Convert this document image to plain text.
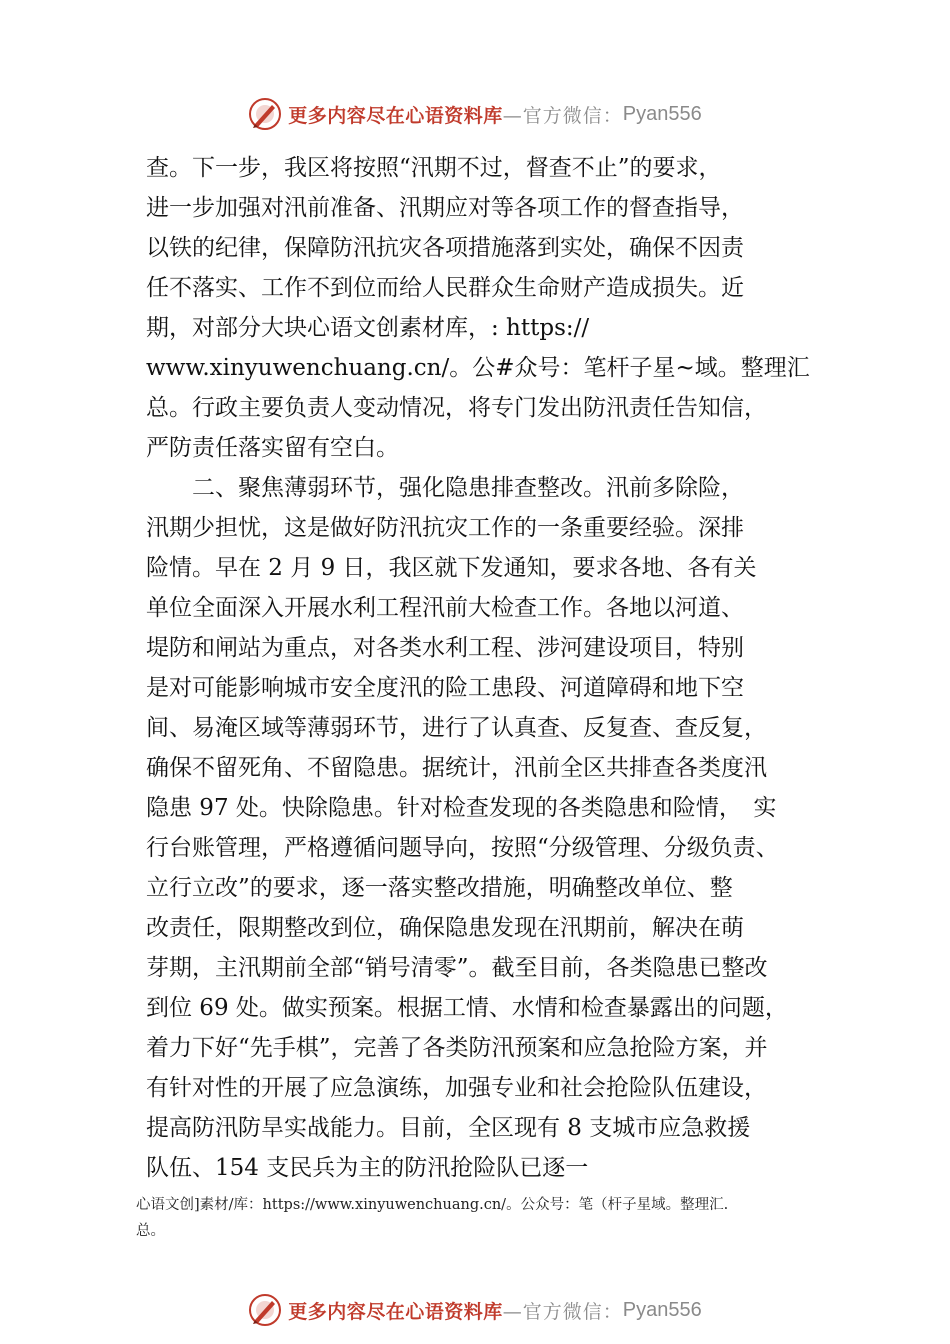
更多内容尽在心语资料库 —官方微信： Pyan556
查。下一步，我区将按照“汛期不过，督查不止”的要求，
进一步加强对汛前准备、汛期应对等各项工作的督查指导，
以铁的纪律，保障防汛抗灾各项措施落到实处，确保不因责
任不落实、工作不到位而给人民群众生命财产造成损失。近
期，对部分大块心语文创素材库，: https://
www.xinyuwenchuang.cn/。公#众号：笔杆子星~域。整理汇
总。行政主要负责人变动情况，将专门发出防汛责任告知信，
严防责任落实留有空白。
　　二、聚焦薄弱环节，强化隐患排查整改。汛前多除险，
汛期少担忧，这是做好防汛抗灾工作的一条重要经验。深排
险情。早在 2 月 9 日，我区就下发通知，要求各地、各有关
单位全面深入开展水利工程汛前大检查工作。各地以河道、
堤防和闸站为重点，对各类水利工程、涉河建设项目，特别
是对可能影响城市安全度汛的险工患段、河道障碍和地下空
间、易淹区域等薄弱环节，进行了认真查、反复查、查反复，
确保不留死角、不留隐患。据统计，汛前全区共排查各类度汛
隐患 97 处。快除隐患。针对检查发现的各类隐患和险情，　实
行台账管理，严格遵循问题导向，按照“分级管理、分级负责、
立行立改”的要求，逐一落实整改措施，明确整改单位、整
改责任，限期整改到位，确保隐患发现在汛期前，解决在萌
芽期，主汛期前全部“销号清零”。截至目前，各类隐患已整改
到位 69 处。做实预案。根据工情、水情和检查暴露出的问题，
着力下好“先手棋”，完善了各类防汛预案和应急抢险方案，并
有针对性的开展了应急演练，加强专业和社会抢险队伍建设，
提高防汛防旱实战能力。目前，全区现有 8 支城市应急救援
队伍、154 支民兵为主的防汛抢险队已逐一
心语文创]素材/库：https://www.xinyuwenchuang.cn/。公众号：笔（杆子星域。整理汇.
总。
更多内容尽在心语资料库 —官方微信： Pyan556
